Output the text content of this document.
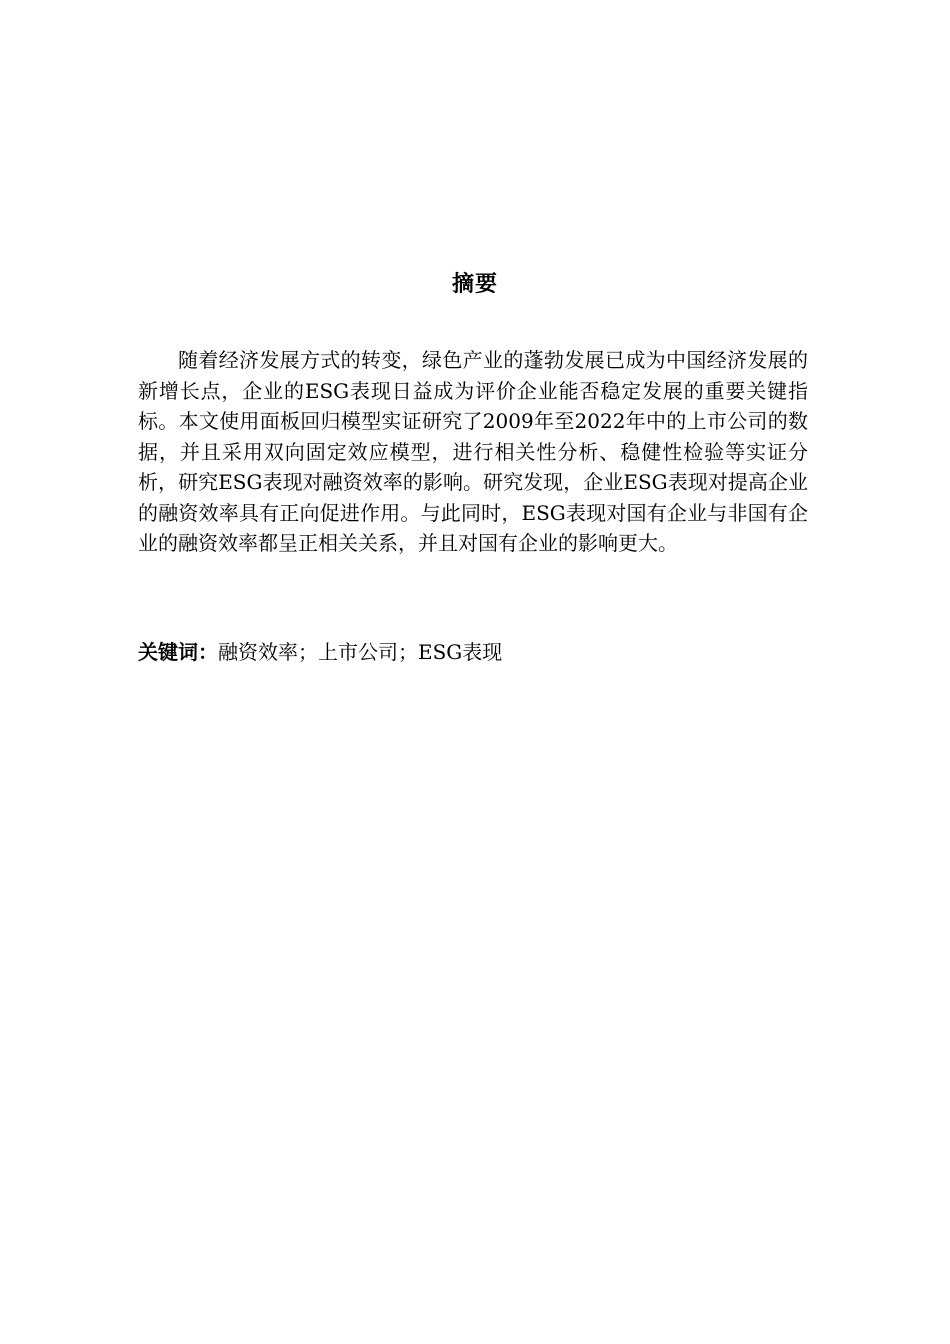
摘要

随着经济发展方式的转变，绿色产业的蓬勃发展已成为中国经济发展的新增长点，企业的ESG表现日益成为评价企业能否稳定发展的重要关键指标。本文使用面板回归模型实证研究了2009年至2022年中的上市公司的数据，并且采用双向固定效应模型，进行相关性分析、稳健性检验等实证分析，研究ESG表现对融资效率的影响。研究发现，企业ESG表现对提高企业的融资效率具有正向促进作用。与此同时，ESG表现对国有企业与非国有企业的融资效率都呈正相关关系，并且对国有企业的影响更大。

关键词：融资效率；上市公司；ESG表现
